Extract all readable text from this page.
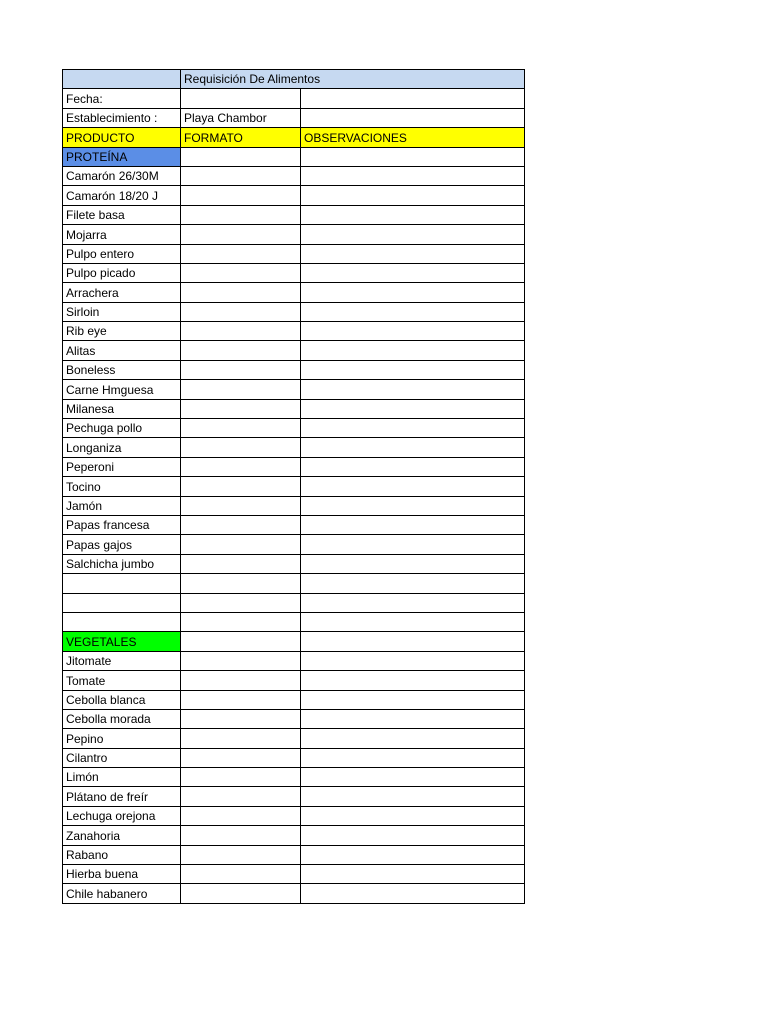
	Requisición De Alimentos	
Fecha:		
Establecimiento :	Playa Chambor	
PRODUCTO	FORMATO	OBSERVACIONES
PROTEÍNA		
Camarón 26/30M		
Camarón 18/20 J		
Filete basa		
Mojarra		
Pulpo entero		
Pulpo picado		
Arrachera		
Sirloin		
Rib eye		
Alitas		
Boneless		
Carne Hmguesa		
Milanesa		
Pechuga pollo		
Longaniza		
Peperoni		
Tocino		
Jamón		
Papas francesa		
Papas gajos		
Salchicha jumbo		

VEGETALES		
Jitomate		
Tomate		
Cebolla blanca		
Cebolla morada		
Pepino		
Cilantro		
Limón		
Plátano de freír		
Lechuga orejona		
Zanahoria		
Rabano		
Hierba buena		
Chile habanero		
